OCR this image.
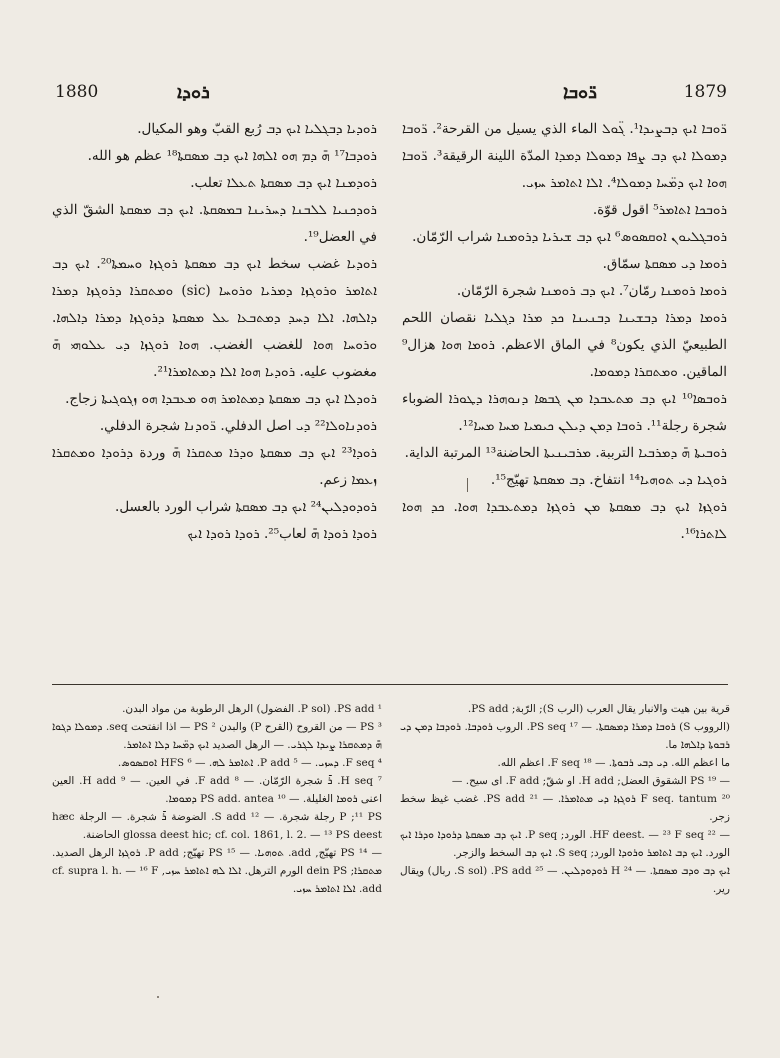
1880	ܪܘܕܐ	ܪ̈ܘܒܐ	1879

ܪܘܕܝܐ ܕܒܓܠܝܐ ܐܝܟ ܕܒ رُبع القبّ وهو المكيال.

ܪܘܕܒܐ¹⁷ ܗ̄ ܕܡ ܗܘ ܐܠܗܐ ܐܝܟ ܕܒ ܡܣܩܬܐ¹⁸ عظم هو الله.

ܪܘܕܡܢܐ ܐܝܟ ܕܒ ܡܣܩܬܐ ܬܥܠܐ تعلب.

ܪܘܕܟܢܝܐ ܠܠܒܢܐ ܕܚܪܝܢܐ ܒܡܣܩܬܐ. ܐܝܟ ܕܒ ܡܣܩܬܐ الشقّ الذي في العضل¹⁹.

ܪܘܕܝܐ غضب سخط ܐܝܟ ܕܒ ܡܣܩܬܐ ܪܘܓܙܐ ܘܚܡܬܐ²⁰. ܐܝܟ ܕܒ ܐܬܐܡܪ ܘܪܘܓܙܐ ܕܡܪܝܐ ܘܪܘܚܐ (sic) ܘܡܬܩܪܐ ܕܪܘܓܙܐ ܕܡܪܐ ܕܐܠܗܐ. ܐܠܐ ܕܚܕ ܕܡܬܒܥܐ ܥܠ ܡܣܩܬܐ ܕܪܘܓܙܐ ܕܡܪܐ ܕܐܠܗܐ. ܘܪܘܚܐ ܗܘܐ للغضب الغضب. ܗܘܐ ܪܘܓܙܐ ܕܝ ܥܠܘܗܝ ܗ̄ مغضوب عليه. ܪܘܕܝܐ ܗܘܐ ܐܠܐ ܕܡܬܐܡܪܐ²¹.

ܪܘܕܠܐ ܐܝܟ ܕܒ ܡܣܩܬܐ ܕܡܬܐܡܪ ܗܘ ܡܥܒܕܐ ܗܘ ܙܓܘܓܝܬܐ زجاج.

ܪܘܕܢܐܘܠܐ²² ܕܝ اصل الدفلي. ܪ̈ܘܕܢܐ شجرة الدفلي.

ܪܘܕܐ²³ ܐܝܟ ܕܒ ܡܣܩܬܐ ܘܕܪܐ ܡܬܩܪܐ ܗ̄ وردة ܕܪܘܕܐ ܘܡܬܩܪܐ ܙܥܡܐ زعم.

ܪܘܕܘܕܠܝܢ²⁴ ܐܝܟ ܕܒ ܡܣܩܬܐ شراب الورد بالعسل.

ܪܘܕܐ ܪܘܕܐ ܗ̄ لعاب²⁵. ܪܘܕܐ ܪܘܕܐ ܐܝܟ

ܪ̈ܘܒܐ ܐܝܟ ܕܒܨܝܕܐ¹. ܓ̈ܘܠ الماء الذي يسيل من القرحة². ܪ̈ܘܒܐ ܕܡܘܠܐ ܐܝܟ ܕܒ ܨܦܐ ܕܡܘܠܐ ܕܡܕܐ المدّة اللينة الرقيقة³. ܪ̈ܘܒܐ ܗܘܐ ܐܝܟ ܕܡ̈ܚܐ ܕܡܘܠܐ⁴. ܐܠܐ ܐܬܐܡܪ ܚܙܝ.

ܪܘܒܟܐ ܐܬܐܡܪ⁵ اقول قوّة.

ܪܘܒܓܠܝܘܢ ܐܘܩܣܘܣ⁶ ܐܝܟ ܕܒ ܫܝܪܝܐ ܕܪܘܡܢܐ شراب الرّمّان.

ܪܘܡܐ ܕܝ ܡܣܩܬܐ سمّاق.

ܪܘܡܐ ܪܘܡܢܐ رمّان⁷. ܐܝܟ ܕܒ ܪܘܡܢܐ شجرة الرّمّان.

ܪܘܡܐ ܕܡܪܐ ܕܒܫܝܢܐ ܕܒܢܝܢܐ ܟܕ ܡܪܐ ܕܓܠܝܐ نقصان اللحم الطبيعيّ الذي يكون⁸ في الماق الاعظم. ܪܘܡܐ ܗܘܐ هزال⁹ الماقين. ܘܡܬܩܪܐ ܕܡܘܡܐ.

ܪܘܒܣܐ¹⁰ ܐܝܟ ܕܒ ܡܬܥܒܕܐ ܡܢ ܓܒܣܐ ܕܢܘܗܪܐ ܕܛܘܪܐ الضوباء شجرة رجلة¹¹. ܪܘܒܐ ܕܡܢ ܕܝܠܢ ܟܝܡܝܐ ܡܚܐ ܡܚܐ¹².

ܪܘܒܝܬܐ ܗ̄ ܕܡܪܒܝܐ الترببة. ܡܪܒܝܢܝܬܐ الحاضنة¹³ المرتبة الداية.

ܪܘܓܝܐ ܕܝ ܬܘܗܝܐ¹⁴ انتفاخ. ܕܒ ܡܣܩܬܐ تهيّج¹⁵.

ܪܘܓܙܐ ܐܝܟ ܕܒ ܡܣܩܬܐ ܡܢ ܪܘܓܙܐ ܕܡܬܥܒܕܐ ܗܘܐ. ܟܕ ܗܘܐ ܠܐܬܪܐ¹⁶.

¹ PS add. (P sol. الفضول) الرهل الرطوبة من مواد البدن.

³ PS — من القروح (القرح P) والبدن ² PS — اذا انفتحت seq. ܕܡܘܠܐ ܕܓܘܐ ܗ̄ ܕܡܬܩܪܐ ܨܝܕܐ ܠܓܪܝ. — الرهل الصديد ܐܝܟ ܕܡ̈ܚܐ ܕܠܐ ܐܬܐܡܪ.

⁴ F seq. ܕܚܙܝ. — ⁵ P add. ܐܬܐܡܪ ܠܗ. — ⁶ HFS ܐܘܩܣܘܣ.

⁷ H seq. ܪ̄ شجرة الرّمّان. — ⁸ F add. في العين. — ⁹ H add. العين اعنى ܪܘܡܐ الغليلة. — ¹⁰ PS add. antea ܕܡܘܡܐ.

P ;¹¹ PS رجلة شجرة. — ¹² S add. الضوضة ܪ̄ شجرة. — الرجلة hæc glossa deest hic; cf. col. 1861, l. 2. — ¹³ PS deest الحاضنة.

— ¹⁴ PS تهيّج, add. ܬܘܗܝܐ. — ¹⁵ PS تهيّج; P add. ܪܘܓܙܐ الرهل الصديد. ܡܬܩܪܐ; dein PS الورم الترهل. ܐܠܐ ܠܗ ܐܬܐܡܪ ܚܙܝ, cf. supra l. h. — ¹⁶ F add. ܐܠܐ ܐܬܐܡܪ ܚܙܝ.

قرية بين هيت والانبار يقال العرب (الرب S); الرّبة; PS add.

(الرووب S) ܪܘܒܐ ܕܡܪܐ ܕܡܣܩܬܐ. — ¹⁷ PS seq. الروب ܪܘܕܒܐ. ܪܘܕܒܐ ܕܡܢ ܕܝ ܪܒܘܬܐ ܕܐܠܗܐ ما.

ما اعظم الله. ܕܝ ܕܒܝ ܪܒܘܬܐ. — ¹⁸ F seq. اعظم الله.

— ¹⁹ PS الشقوق العضل; H add. او شقّ; F add. اى سيح. —

²⁰ F seq. tantum ܪܘܓܙܐ ܕܝ ܡܬܐܡܪܐ. — ²¹ PS add. غضب غيظ سخط زجر.

— ²² HF deest. — ²³ F seq. الورد; P seq. ܐܝܟ ܕܒ ܡܣܩܬܐ ܕܪܘܕܐ ܘܕܪܐ ܐܝܟ الورد. ܐܝܟ ܕܒ ܐܬܐܡܪ ܘܪܘܕܐ الورد; S seq. ܐܝܟ ܕܒ السخط والزجر.

ܐܝܟ ܕܒ ܘܕܒ ܡܣܩܬܐ. — ²⁴ H ܪܘܕܘܕܠܝܢ. — ²⁵ PS add. (S sol. ربال) ويقال رير.
